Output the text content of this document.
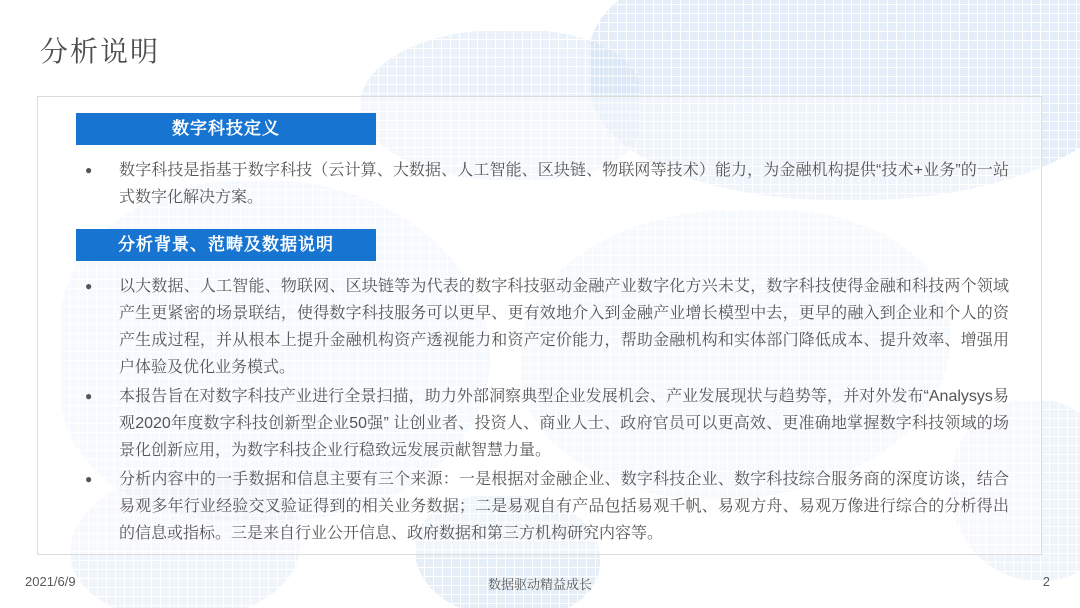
分析说明
数字科技定义
● 数字科技是指基于数字科技（云计算、大数据、人工智能、区块链、物联网等技术）能力，为金融机构提供“技术+业务”的一站式数字化解决方案。
分析背景、范畴及数据说明
● 以大数据、人工智能、物联网、区块链等为代表的数字科技驱动金融产业数字化方兴未艾，数字科技使得金融和科技两个领域产生更紧密的场景联结，使得数字科技服务可以更早、更有效地介入到金融产业增长模型中去，更早的融入到企业和个人的资产生成过程，并从根本上提升金融机构资产透视能力和资产定价能力，帮助金融机构和实体部门降低成本、提升效率、增强用户体验及优化业务模式。
● 本报告旨在对数字科技产业进行全景扫描，助力外部洞察典型企业发展机会、产业发展现状与趋势等，并对外发布“Analysys易观2020年度数字科技创新型企业50强” 让创业者、投资人、商业人士、政府官员可以更高效、更准确地掌握数字科技领域的场景化创新应用，为数字科技企业行稳致远发展贡献智慧力量。
● 分析内容中的一手数据和信息主要有三个来源：一是根据对金融企业、数字科技企业、数字科技综合服务商的深度访谈，结合易观多年行业经验交叉验证得到的相关业务数据；二是易观自有产品包括易观千帆、易观方舟、易观万像进行综合的分析得出的信息或指标。三是来自行业公开信息、政府数据和第三方机构研究内容等。
2021/6/9	数据驱动精益成长	2
